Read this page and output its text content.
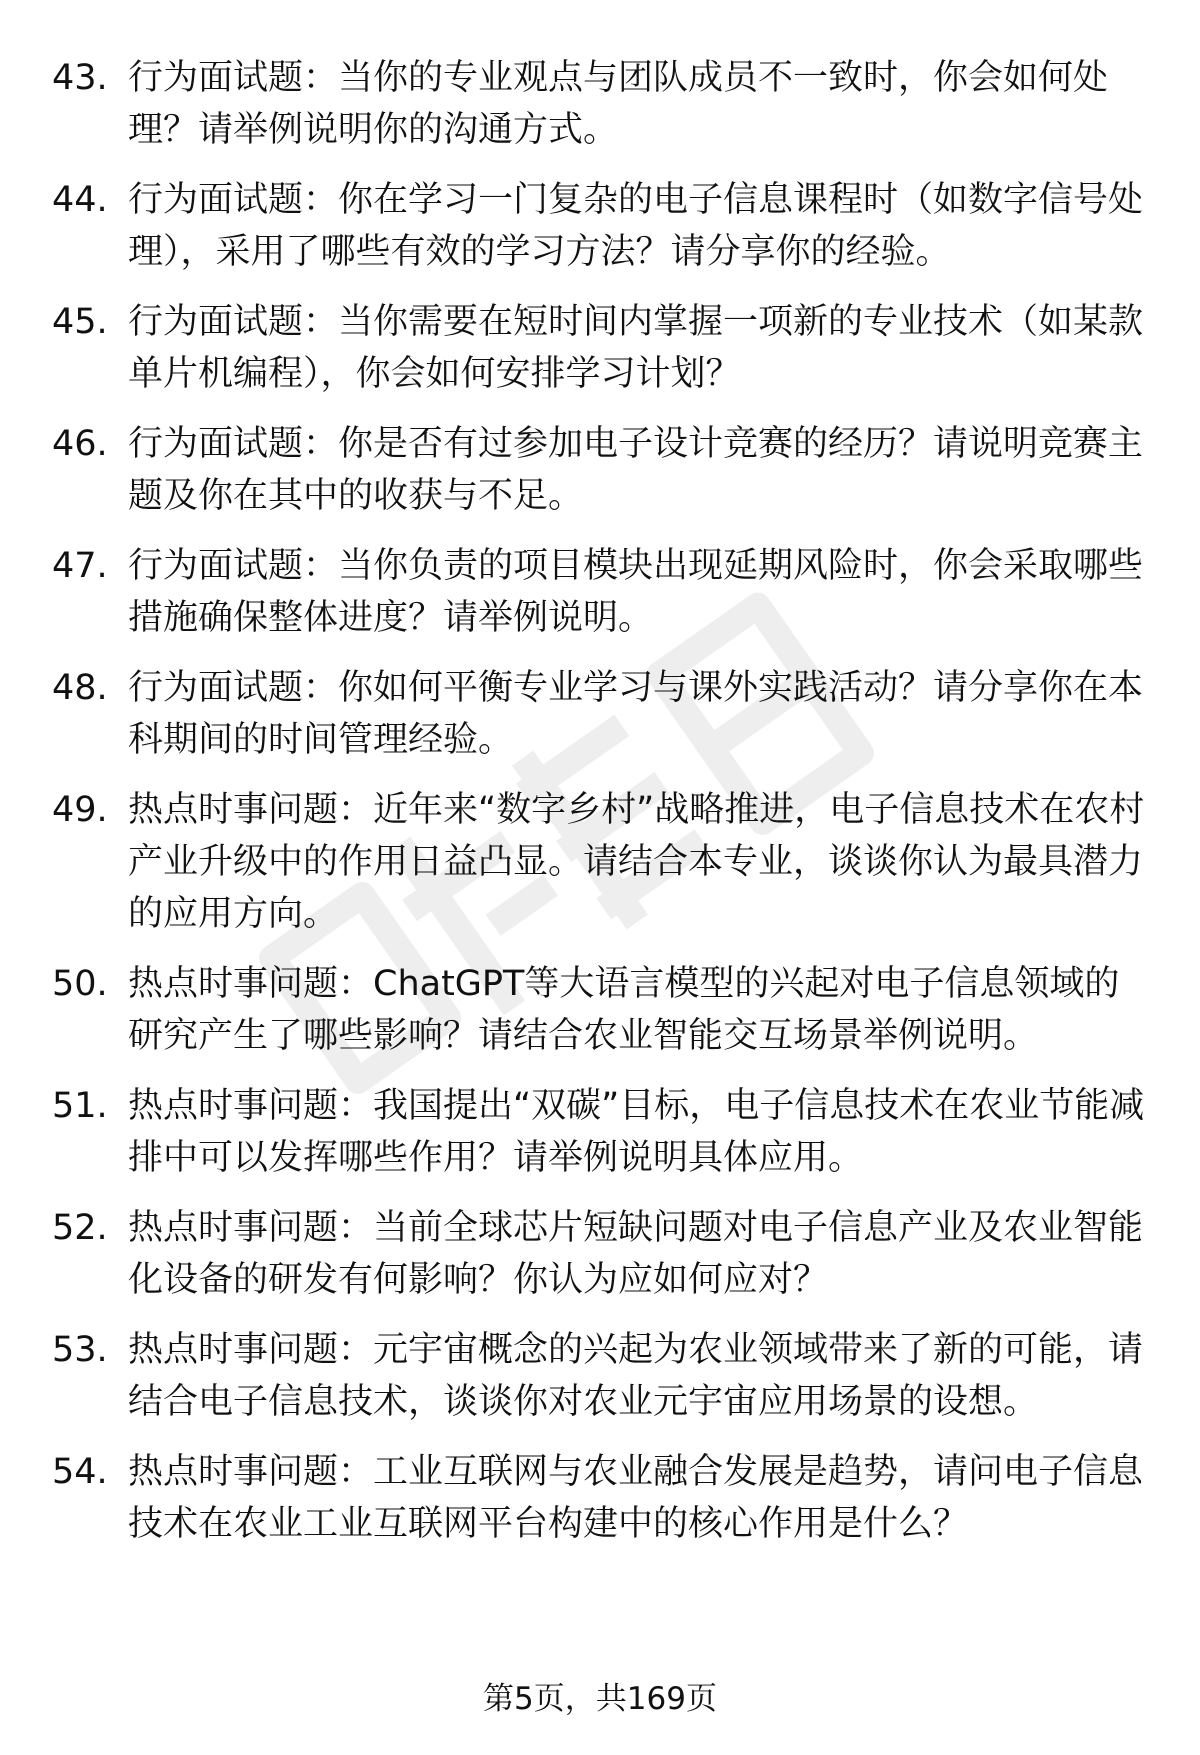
43. 行为面试题：当你的专业观点与团队成员不一致时，你会如何处理？请举例说明你的沟通方式。
44. 行为面试题：你在学习一门复杂的电子信息课程时（如数字信号处理），采用了哪些有效的学习方法？请分享你的经验。
45. 行为面试题：当你需要在短时间内掌握一项新的专业技术（如某款单片机编程），你会如何安排学习计划？
46. 行为面试题：你是否有过参加电子设计竞赛的经历？请说明竞赛主题及你在其中的收获与不足。
47. 行为面试题：当你负责的项目模块出现延期风险时，你会采取哪些措施确保整体进度？请举例说明。
48. 行为面试题：你如何平衡专业学习与课外实践活动？请分享你在本科期间的时间管理经验。
49. 热点时事问题：近年来“数字乡村”战略推进，电子信息技术在农村产业升级中的作用日益凸显。请结合本专业，谈谈你认为最具潜力的应用方向。
50. 热点时事问题：ChatGPT等大语言模型的兴起对电子信息领域的研究产生了哪些影响？请结合农业智能交互场景举例说明。
51. 热点时事问题：我国提出“双碳”目标，电子信息技术在农业节能减排中可以发挥哪些作用？请举例说明具体应用。
52. 热点时事问题：当前全球芯片短缺问题对电子信息产业及农业智能化设备的研发有何影响？你认为应如何应对？
53. 热点时事问题：元宇宙概念的兴起为农业领域带来了新的可能，请结合电子信息技术，谈谈你对农业元宇宙应用场景的设想。
54. 热点时事问题：工业互联网与农业融合发展是趋势，请问电子信息技术在农业工业互联网平台构建中的核心作用是什么？
第5页，共169页
